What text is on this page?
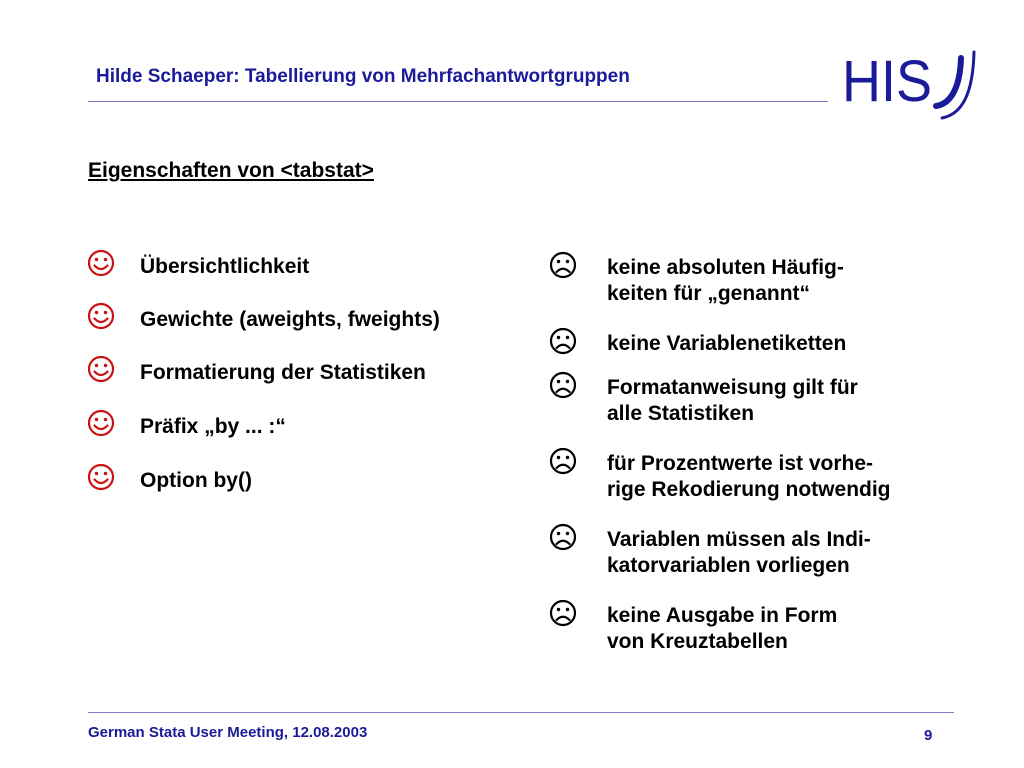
Hilde Schaeper: Tabellierung von Mehrfachantwortgruppen	HIS
Eigenschaften von <tabstat>
Übersichtlichkeit
Gewichte (aweights, fweights)
Formatierung der Statistiken
Präfix „by ... :“
Option by()
keine absoluten Häufig-
keiten für „genannt“
keine Variablenetiketten
Formatanweisung gilt für
alle Statistiken
für Prozentwerte ist vorhe-
rige Rekodierung notwendig
Variablen müssen als Indi-
katorvariablen vorliegen
keine Ausgabe in Form
von Kreuztabellen
German Stata User Meeting, 12.08.2003	9
